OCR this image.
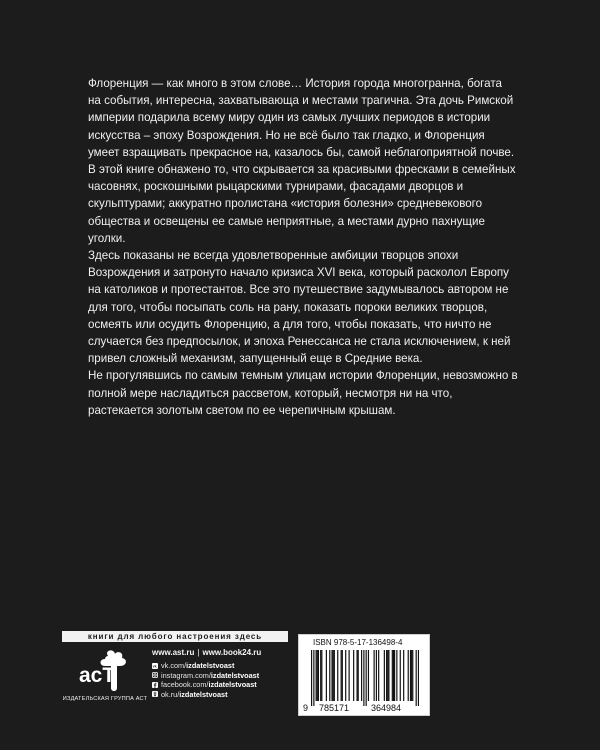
Флоренция — как много в этом слове… История города многогранна, богата на события, интересна, захватывающа и местами трагична. Эта дочь Римской империи подарила всему миру один из самых лучших периодов в истории искусства – эпоху Возрождения. Но не всё было так гладко, и Флоренция умеет взращивать прекрасное на, казалось бы, самой неблагоприятной почве.

В этой книге обнажено то, что скрывается за красивыми фресками в семейных часовнях, роскошными рыцарскими турнирами, фасадами дворцов и скульптурами; аккуратно пролистана «история болезни» средневекового общества и освещены ее самые неприятные, а местами дурно пахнущие уголки.

Здесь показаны не всегда удовлетворенные амбиции творцов эпохи Возрождения и затронуто начало кризиса XVI века, который расколол Европу на католиков и протестантов. Все это путешествие задумывалось автором не для того, чтобы посыпать соль на рану, показать пороки великих творцов, осмеять или осудить Флоренцию, а для того, чтобы показать, что ничто не случается без предпосылок, и эпоха Ренессанса не стала исключением, к ней привел сложный механизм, запущенный еще в Средние века.

Не прогулявшись по самым темным улицам истории Флоренции, невозможно в полной мере насладиться рассветом, который, несмотря ни на что, растекается золотым светом по ее черепичным крышам.

книги для любого настроения здесь
acT
ИЗДАТЕЛЬСКАЯ ГРУППА АСТ
www.ast.ru | www.book24.ru
vk vk.com/izdatelstvoast
instagram.com/izdatelstvoast
facebook.com/izdatelstvoast
ok.ru/izdatelstvoast
ISBN 978-5-17-136498-4
9 785171 364984
